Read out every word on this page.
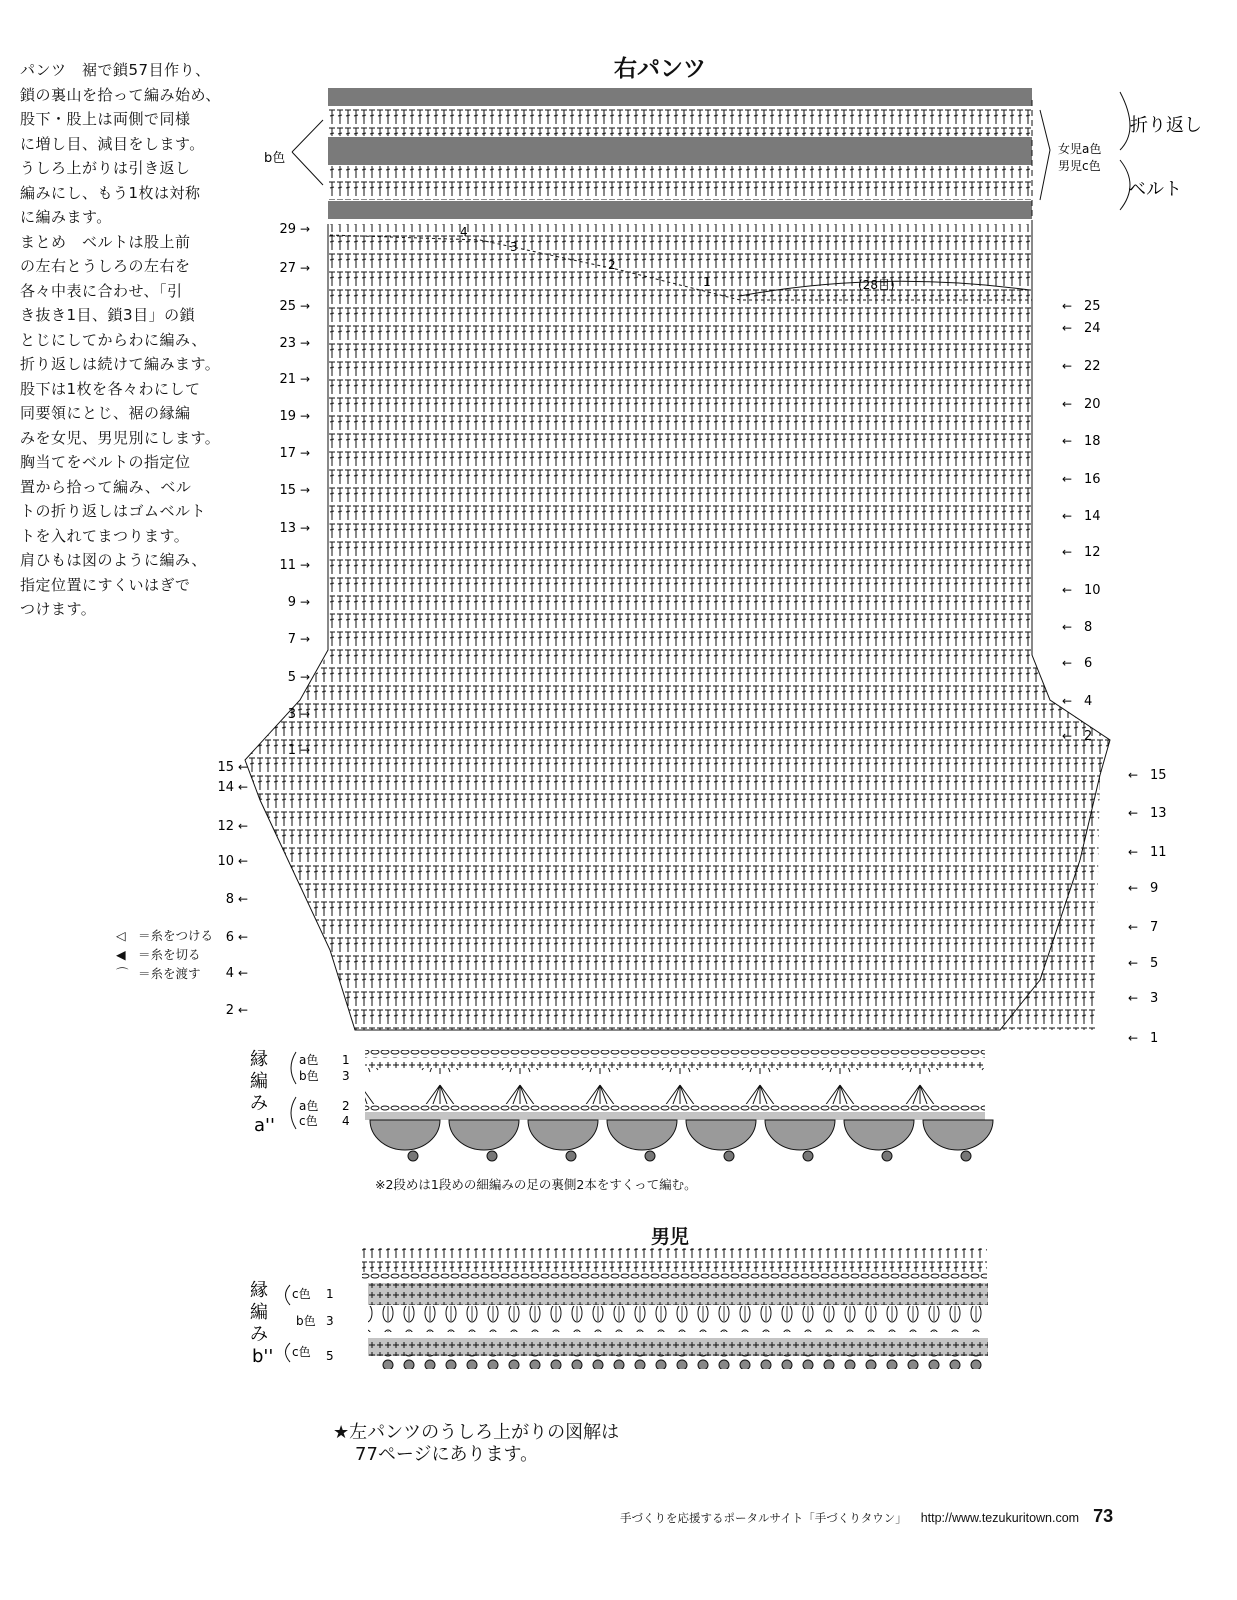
パンツ　裾で鎖57目作り、

鎖の裏山を拾って編み始め、

股下・股上は両側で同様

に増し目、減目をします。

うしろ上がりは引き返し

編みにし、もう1枚は対称

に編みます。

まとめ　ベルトは股上前

の左右とうしろの左右を

各々中表に合わせ、「引

き抜き1目、鎖3目」の鎖

とじにしてからわに編み、

折り返しは続けて編みます。

股下は1枚を各々わにして

同要領にとじ、裾の縁編

みを女児、男児別にします。

胸当てをベルトの指定位

置から拾って編み、ベル

トの折り返しはゴムベルト

トを入れてまつります。

肩ひもは図のように編み、

指定位置にすくいはぎで

つけます。

右パンツ
男児
(28目)
折り返し
女児a色
男児c色
ベルト
b色
4
3
2
1
29 →
27 →
25 →
23 →
21 →
19 →
17 →
15 →
13 →
11 →
9 →
7 →
5 →
3 →
1 →
25
←
24
←
22
←
20
←
18
←
16
←
14
←
12
←
10
←
8
←
6
←
4
←
2
←
15 ←
14 ←
12 ←
10 ←
8 ←
6 ←
4 ←
2 ←
15
←
13
←
11
←
9
←
7
←
5
←
3
←
1
←
縁
編
み
a''
a色 1
b色 3
a色 2
c色 4
縁
編
み
b''
c色 1
b色 3
c色 5
◁ ＝糸をつける
◀ ＝糸を切る
⌒ ＝糸を渡す
※2段めは1段めの細編みの足の裏側2本をすくって編む。
★左パンツのうしろ上がりの図解は
77ページにあります。
手づくりを応援するポータルサイト「手づくりタウン」 http://www.tezukuritown.com 73
